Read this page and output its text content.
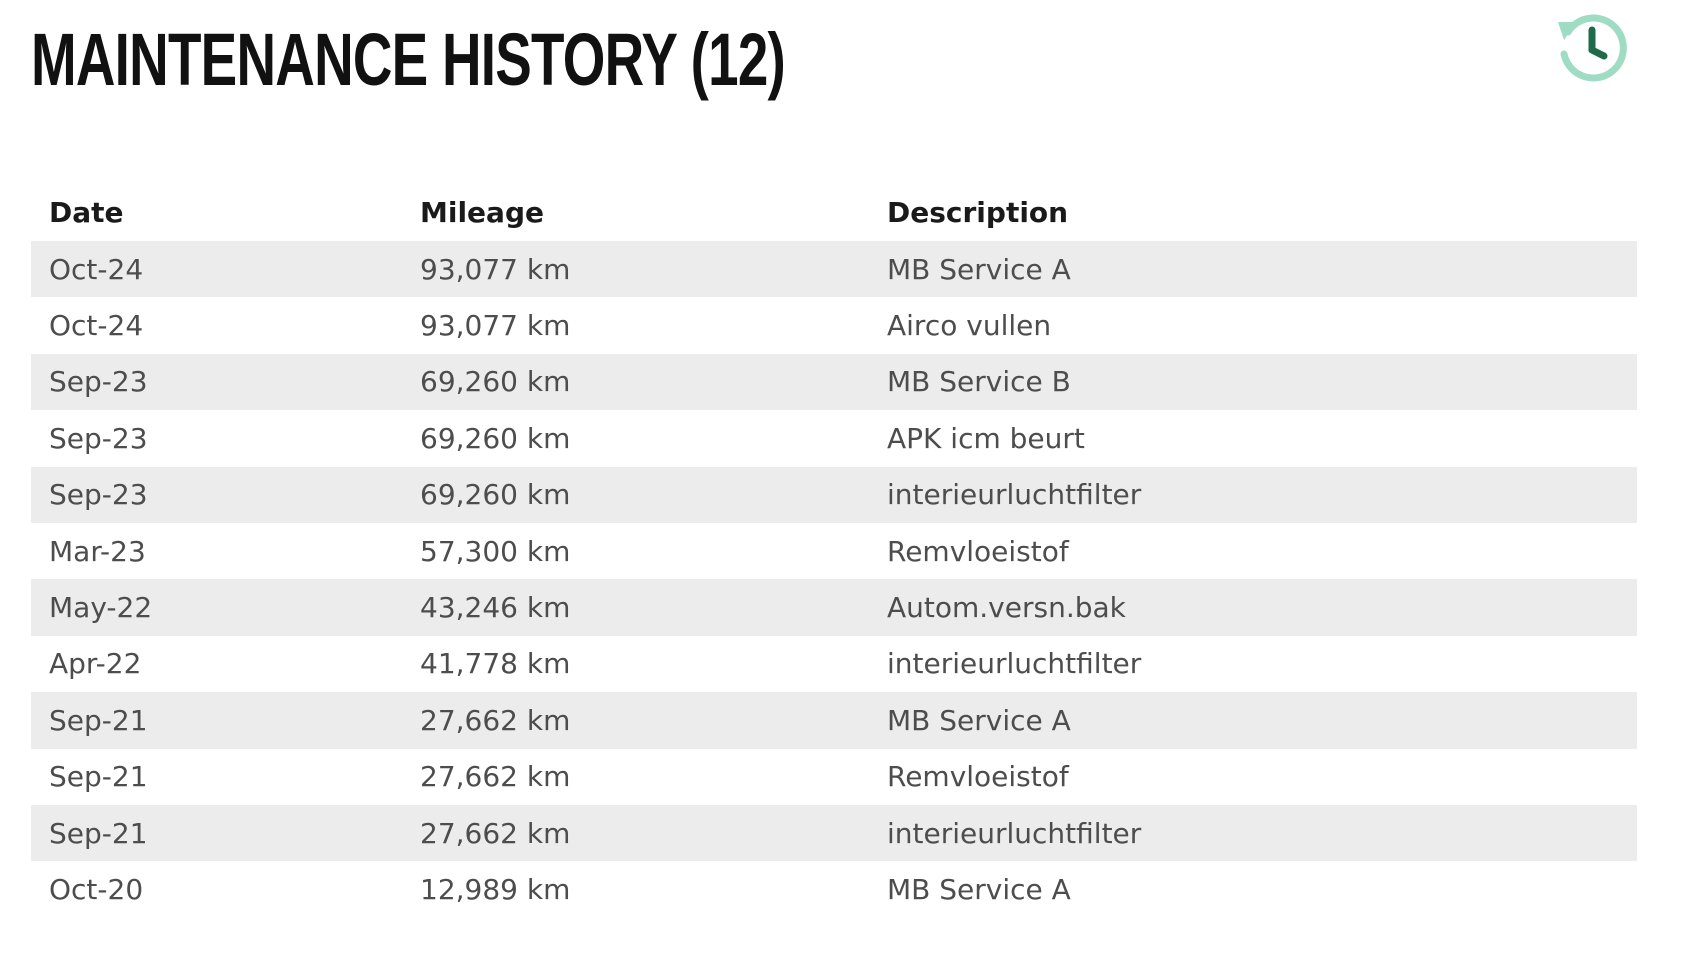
MAINTENANCE HISTORY (12)
Date	Mileage	Description
Oct-24	93,077 km	MB Service A
Oct-24	93,077 km	Airco vullen
Sep-23	69,260 km	MB Service B
Sep-23	69,260 km	APK icm beurt
Sep-23	69,260 km	interieurluchtfilter
Mar-23	57,300 km	Remvloeistof
May-22	43,246 km	Autom.versn.bak
Apr-22	41,778 km	interieurluchtfilter
Sep-21	27,662 km	MB Service A
Sep-21	27,662 km	Remvloeistof
Sep-21	27,662 km	interieurluchtfilter
Oct-20	12,989 km	MB Service A
